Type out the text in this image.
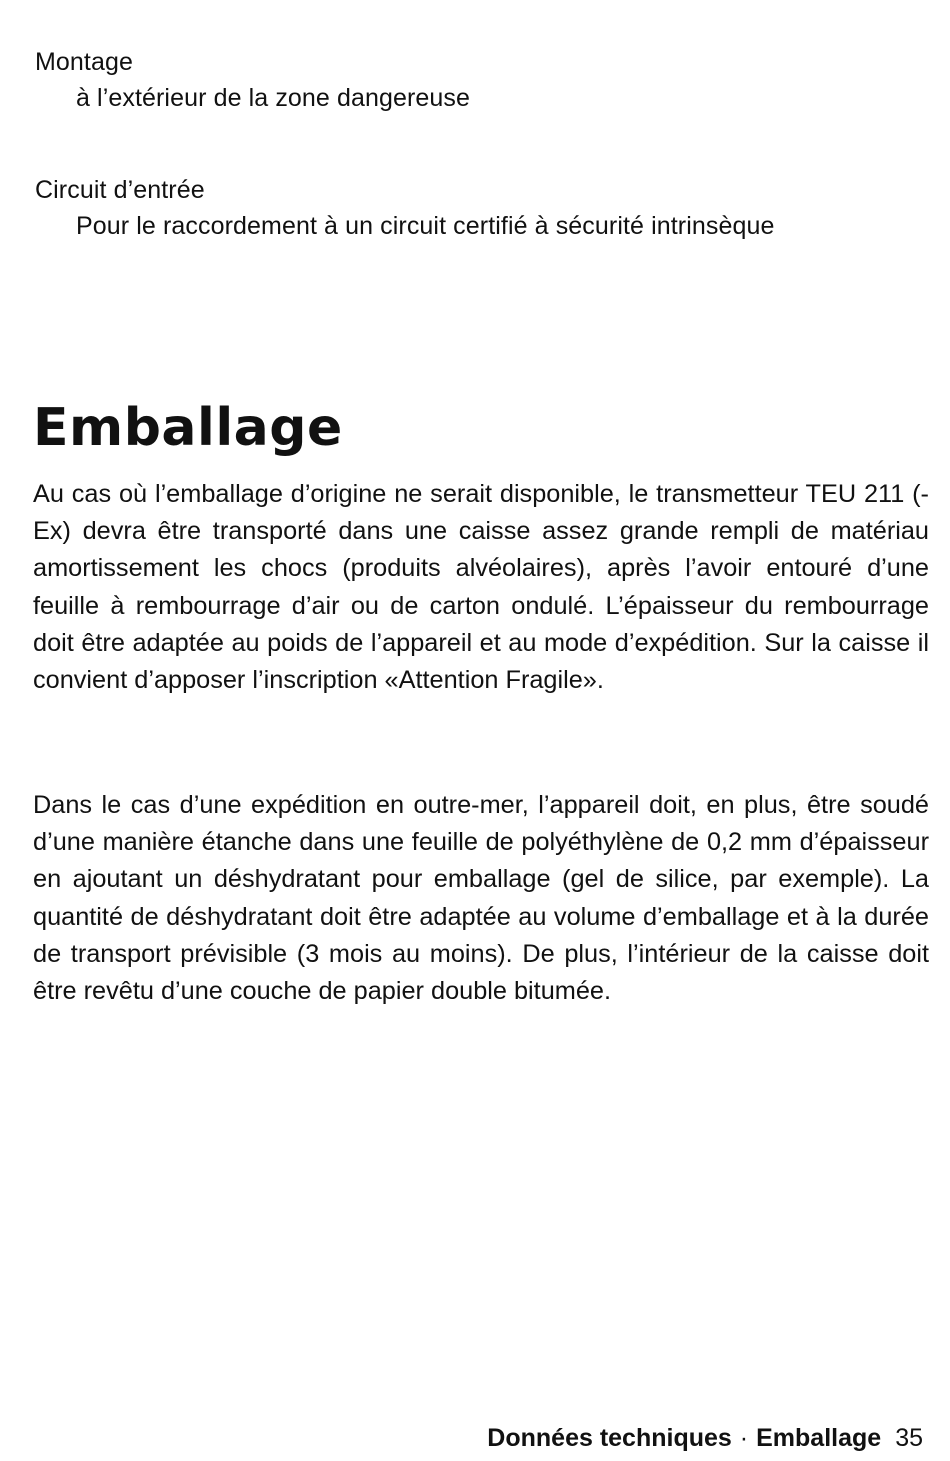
Montage
à l’extérieur de la zone dangereuse
Circuit d’entrée
Pour le raccordement à un circuit certifié à sécurité intrinsèque
Emballage

Au cas où l’emballage d’origine ne serait disponible, le transmetteur TEU 211 (-Ex) devra être transporté dans une caisse assez grande rempli de matériau amortissement les chocs (produits alvéolaires), après l’avoir entouré d’une feuille à rembourrage d’air ou de carton ondulé. L’épaisseur du rembourrage doit être adaptée au poids de l’appareil et au mode d’expédition. Sur la caisse il convient d’apposer l’inscription «Attention Fragile».

Dans le cas d’une expédition en outre-mer, l’appareil doit, en plus, être soudé d’une manière étanche dans une feuille de polyéthylène de 0,2 mm d’épaisseur en ajoutant un déshydratant pour emballage (gel de silice, par exemple). La quantité de déshydratant doit être adaptée au volume d’emballage et à la durée de transport prévisible (3 mois au moins). De plus, l’intérieur de la caisse doit être revêtu d’une couche de papier double bitumée.

Données techniques · Emballage 35
